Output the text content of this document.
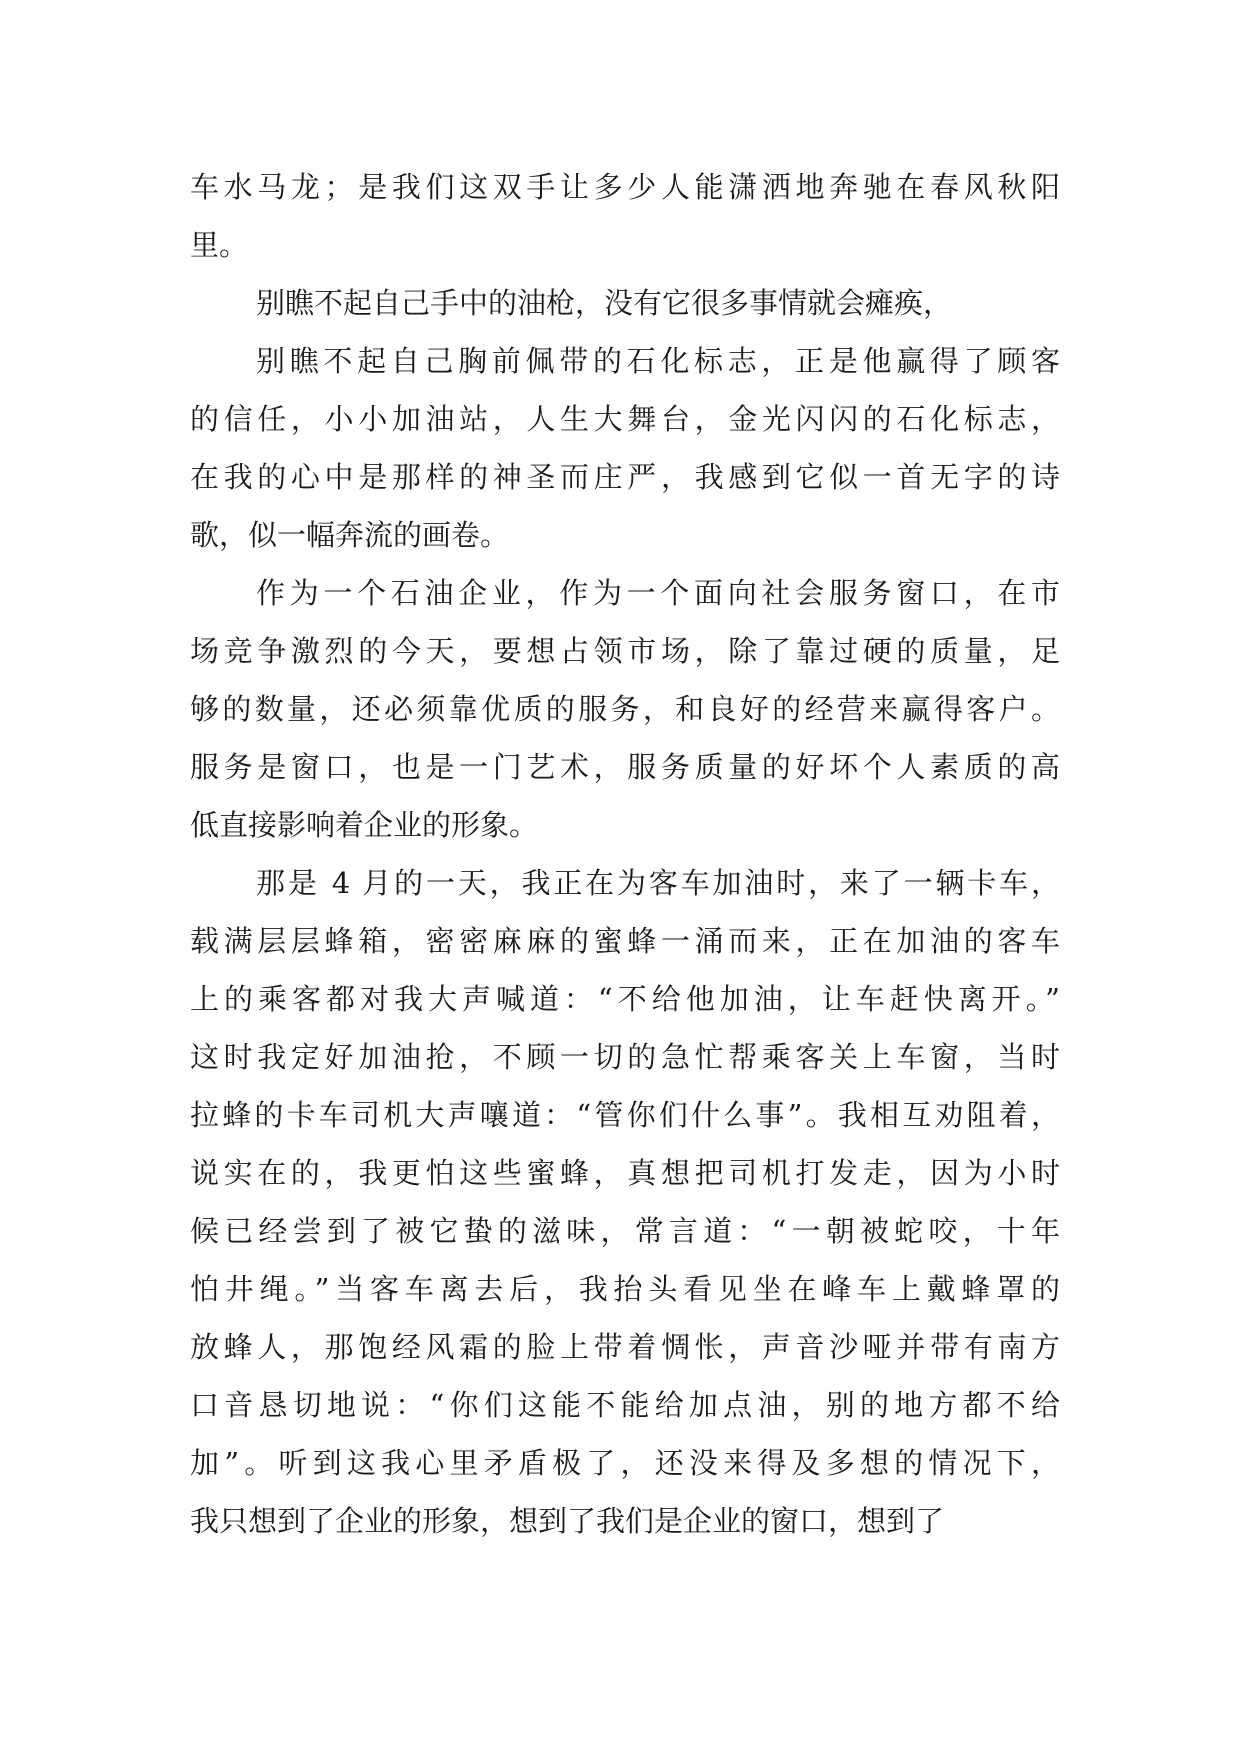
车水马龙；是我们这双手让多少人能潇洒地奔驰在春风秋阳
里。
别瞧不起自己手中的油枪，没有它很多事情就会瘫痪，
别瞧不起自己胸前佩带的石化标志，正是他赢得了顾客
的信任，小小加油站，人生大舞台，金光闪闪的石化标志，
在我的心中是那样的神圣而庄严，我感到它似一首无字的诗
歌，似一幅奔流的画卷。
作为一个石油企业，作为一个面向社会服务窗口，在市
场竞争激烈的今天，要想占领市场，除了靠过硬的质量，足
够的数量，还必须靠优质的服务，和良好的经营来赢得客户。
服务是窗口，也是一门艺术，服务质量的好坏个人素质的高
低直接影响着企业的形象。
那是 4 月的一天，我正在为客车加油时，来了一辆卡车，
载满层层蜂箱，密密麻麻的蜜蜂一涌而来，正在加油的客车
上的乘客都对我大声喊道：“不给他加油，让车赶快离开。”
这时我定好加油抢，不顾一切的急忙帮乘客关上车窗，当时
拉蜂的卡车司机大声嚷道：“管你们什么事”。我相互劝阻着，
说实在的，我更怕这些蜜蜂，真想把司机打发走，因为小时
候已经尝到了被它蛰的滋味，常言道：“一朝被蛇咬，十年
怕井绳。”当客车离去后，我抬头看见坐在峰车上戴蜂罩的
放蜂人，那饱经风霜的脸上带着惆怅，声音沙哑并带有南方
口音恳切地说：“你们这能不能给加点油，别的地方都不给
加”。听到这我心里矛盾极了，还没来得及多想的情况下，
我只想到了企业的形象，想到了我们是企业的窗口，想到了
